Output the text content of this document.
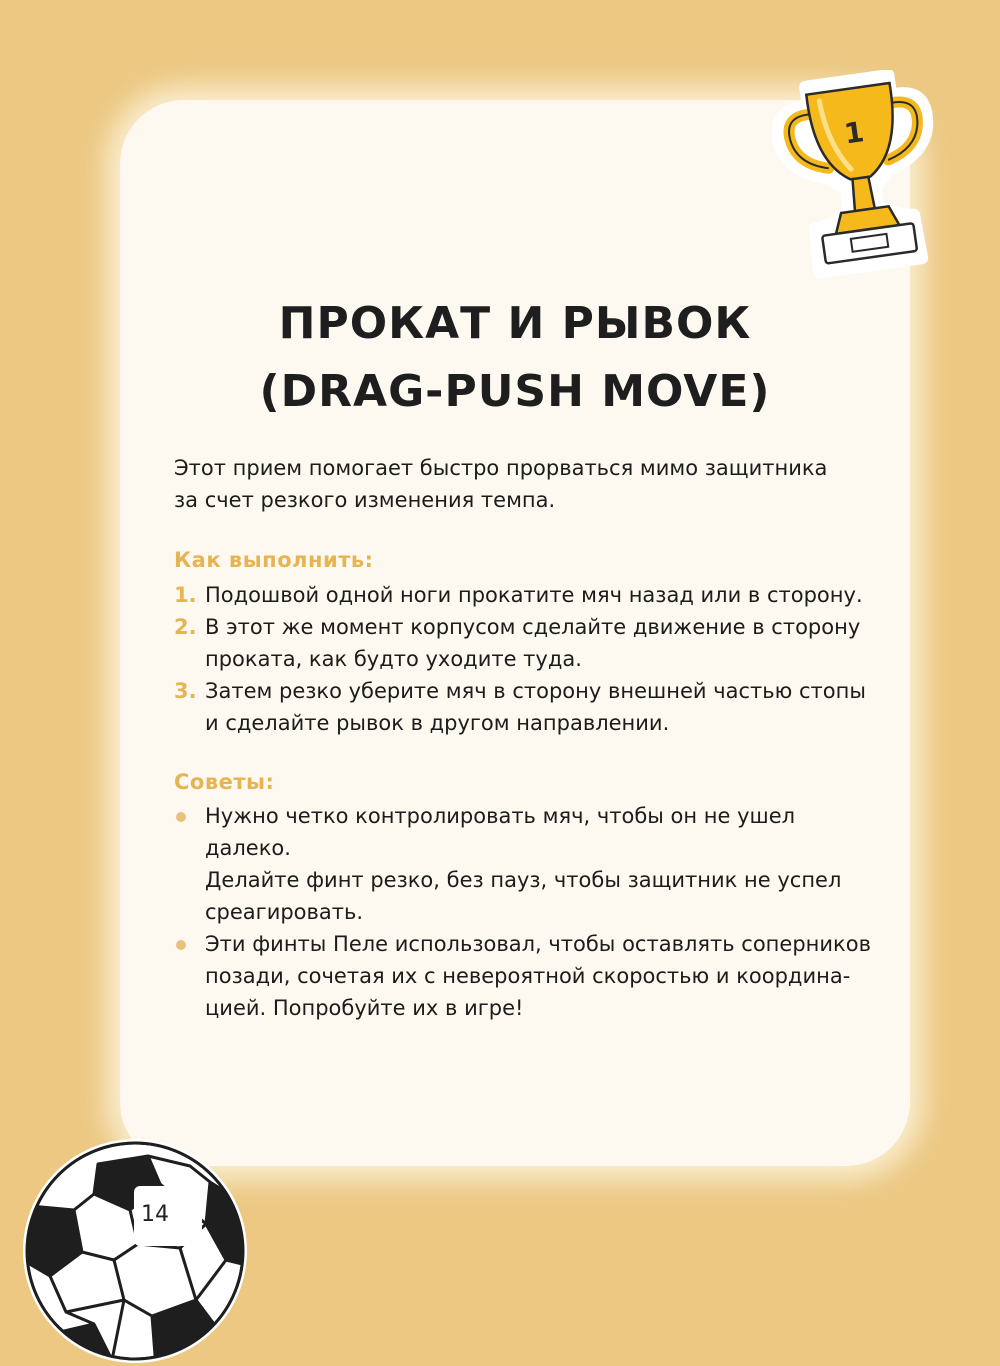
1
ПРОКАТ И РЫВОК
(DRAG-PUSH MOVE)

Этот прием помогает быстро прорваться мимо защитника
за счет резкого изменения темпа.

Как выполнить:
1. Подошвой одной ноги прокатите мяч назад или в сторону.
2. В этот же момент корпусом сделайте движение в сторону
проката, как будто уходите туда.
3. Затем резко уберите мяч в сторону внешней частью стопы
и сделайте рывок в другом направлении.
Советы:
Нужно четко контролировать мяч, чтобы он не ушел далеко.
Делайте финт резко, без пауз, чтобы защитник не успел
среагировать.
Эти финты Пеле использовал, чтобы оставлять соперников
позади, сочетая их с невероятной скоростью и координа-
цией. Попробуйте их в игре!
14
